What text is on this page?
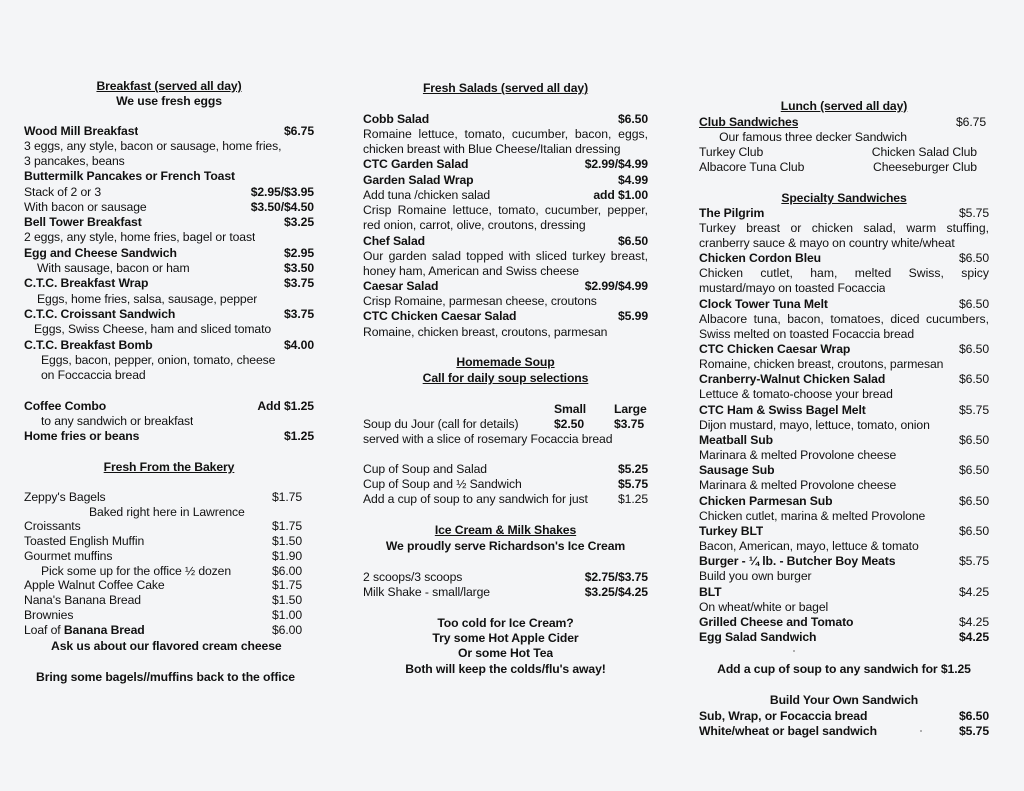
Breakfast (served all day)
We use fresh eggs
Wood Mill Breakfast	$6.75
3 eggs, any style, bacon or sausage, home fries,
3 pancakes, beans
Buttermilk Pancakes or French Toast
Stack of 2 or 3	$2.95/$3.95
With bacon or sausage	$3.50/$4.50
Bell Tower Breakfast	$3.25
2 eggs, any style, home fries, bagel or toast
Egg and Cheese Sandwich	$2.95
With sausage, bacon or ham	$3.50
C.T.C. Breakfast Wrap	$3.75
Eggs, home fries, salsa, sausage, pepper
C.T.C. Croissant Sandwich	$3.75
Eggs, Swiss Cheese, ham and sliced tomato
C.T.C. Breakfast Bomb	$4.00
Eggs, bacon, pepper, onion, tomato, cheese
on Foccaccia bread
Coffee Combo	Add $1.25
to any sandwich or breakfast
Home fries or beans	$1.25
Fresh From the Bakery
Zeppy's Bagels	$1.75
Baked right here in Lawrence
Croissants	$1.75
Toasted English Muffin	$1.50
Gourmet muffins	$1.90
Pick some up for the office ½ dozen	$6.00
Apple Walnut Coffee Cake	$1.75
Nana's Banana Bread	$1.50
Brownies	$1.00
Loaf of Banana Bread	$6.00
Ask us about our flavored cream cheese
Bring some bagels//muffins back to the office
Fresh Salads (served all day)
Cobb Salad	$6.50
Romaine lettuce, tomato, cucumber, bacon, eggs,
chicken breast with Blue Cheese/Italian dressing
CTC Garden Salad	$2.99/$4.99
Garden Salad Wrap	$4.99
Add tuna /chicken salad	add $1.00
Crisp Romaine lettuce, tomato, cucumber, pepper,
red onion, carrot, olive, croutons, dressing
Chef Salad	$6.50
Our garden salad topped with sliced turkey breast,
honey ham, American and Swiss cheese
Caesar Salad	$2.99/$4.99
Crisp Romaine, parmesan cheese, croutons
CTC Chicken Caesar Salad	$5.99
Romaine, chicken breast, croutons, parmesan
Homemade Soup
Call for daily soup selections
Small Large
Soup du Jour (call for details)	$2.50 $3.75
served with a slice of rosemary Focaccia bread
Cup of Soup and Salad	$5.25
Cup of Soup and ½ Sandwich	$5.75
Add a cup of soup to any sandwich for just $1.25
Ice Cream & Milk Shakes
We proudly serve Richardson's Ice Cream
2 scoops/3 scoops	$2.75/$3.75
Milk Shake - small/large	$3.25/$4.25
Too cold for Ice Cream?
Try some Hot Apple Cider
Or some Hot Tea
Both will keep the colds/flu's away!
Lunch (served all day)
Club Sandwiches	$6.75
Our famous three decker Sandwich
Turkey Club	Chicken Salad Club
Albacore Tuna Club	Cheeseburger Club
Specialty Sandwiches
The Pilgrim	$5.75
Turkey breast or chicken salad, warm stuffing,
cranberry sauce & mayo on country white/wheat
Chicken Cordon Bleu	$6.50
Chicken cutlet, ham, melted Swiss, spicy
mustard/mayo on toasted Focaccia
Clock Tower Tuna Melt	$6.50
Albacore tuna, bacon, tomatoes, diced cucumbers,
Swiss melted on toasted Focaccia bread
CTC Chicken Caesar Wrap	$6.50
Romaine, chicken breast, croutons, parmesan
Cranberry-Walnut Chicken Salad	$6.50
Lettuce & tomato-choose your bread
CTC Ham & Swiss Bagel Melt	$5.75
Dijon mustard, mayo, lettuce, tomato, onion
Meatball Sub	$6.50
Marinara & melted Provolone cheese
Sausage Sub	$6.50
Marinara & melted Provolone cheese
Chicken Parmesan Sub	$6.50
Chicken cutlet, marina & melted Provolone
Turkey BLT	$6.50
Bacon, American, mayo, lettuce & tomato
Burger - ¼ lb. - Butcher Boy Meats	$5.75
Build you own burger
BLT	$4.25
On wheat/white or bagel
Grilled Cheese and Tomato	$4.25
Egg Salad Sandwich	$4.25
Add a cup of soup to any sandwich for $1.25
Build Your Own Sandwich
Sub, Wrap, or Focaccia bread	$6.50
White/wheat or bagel sandwich	$5.75
